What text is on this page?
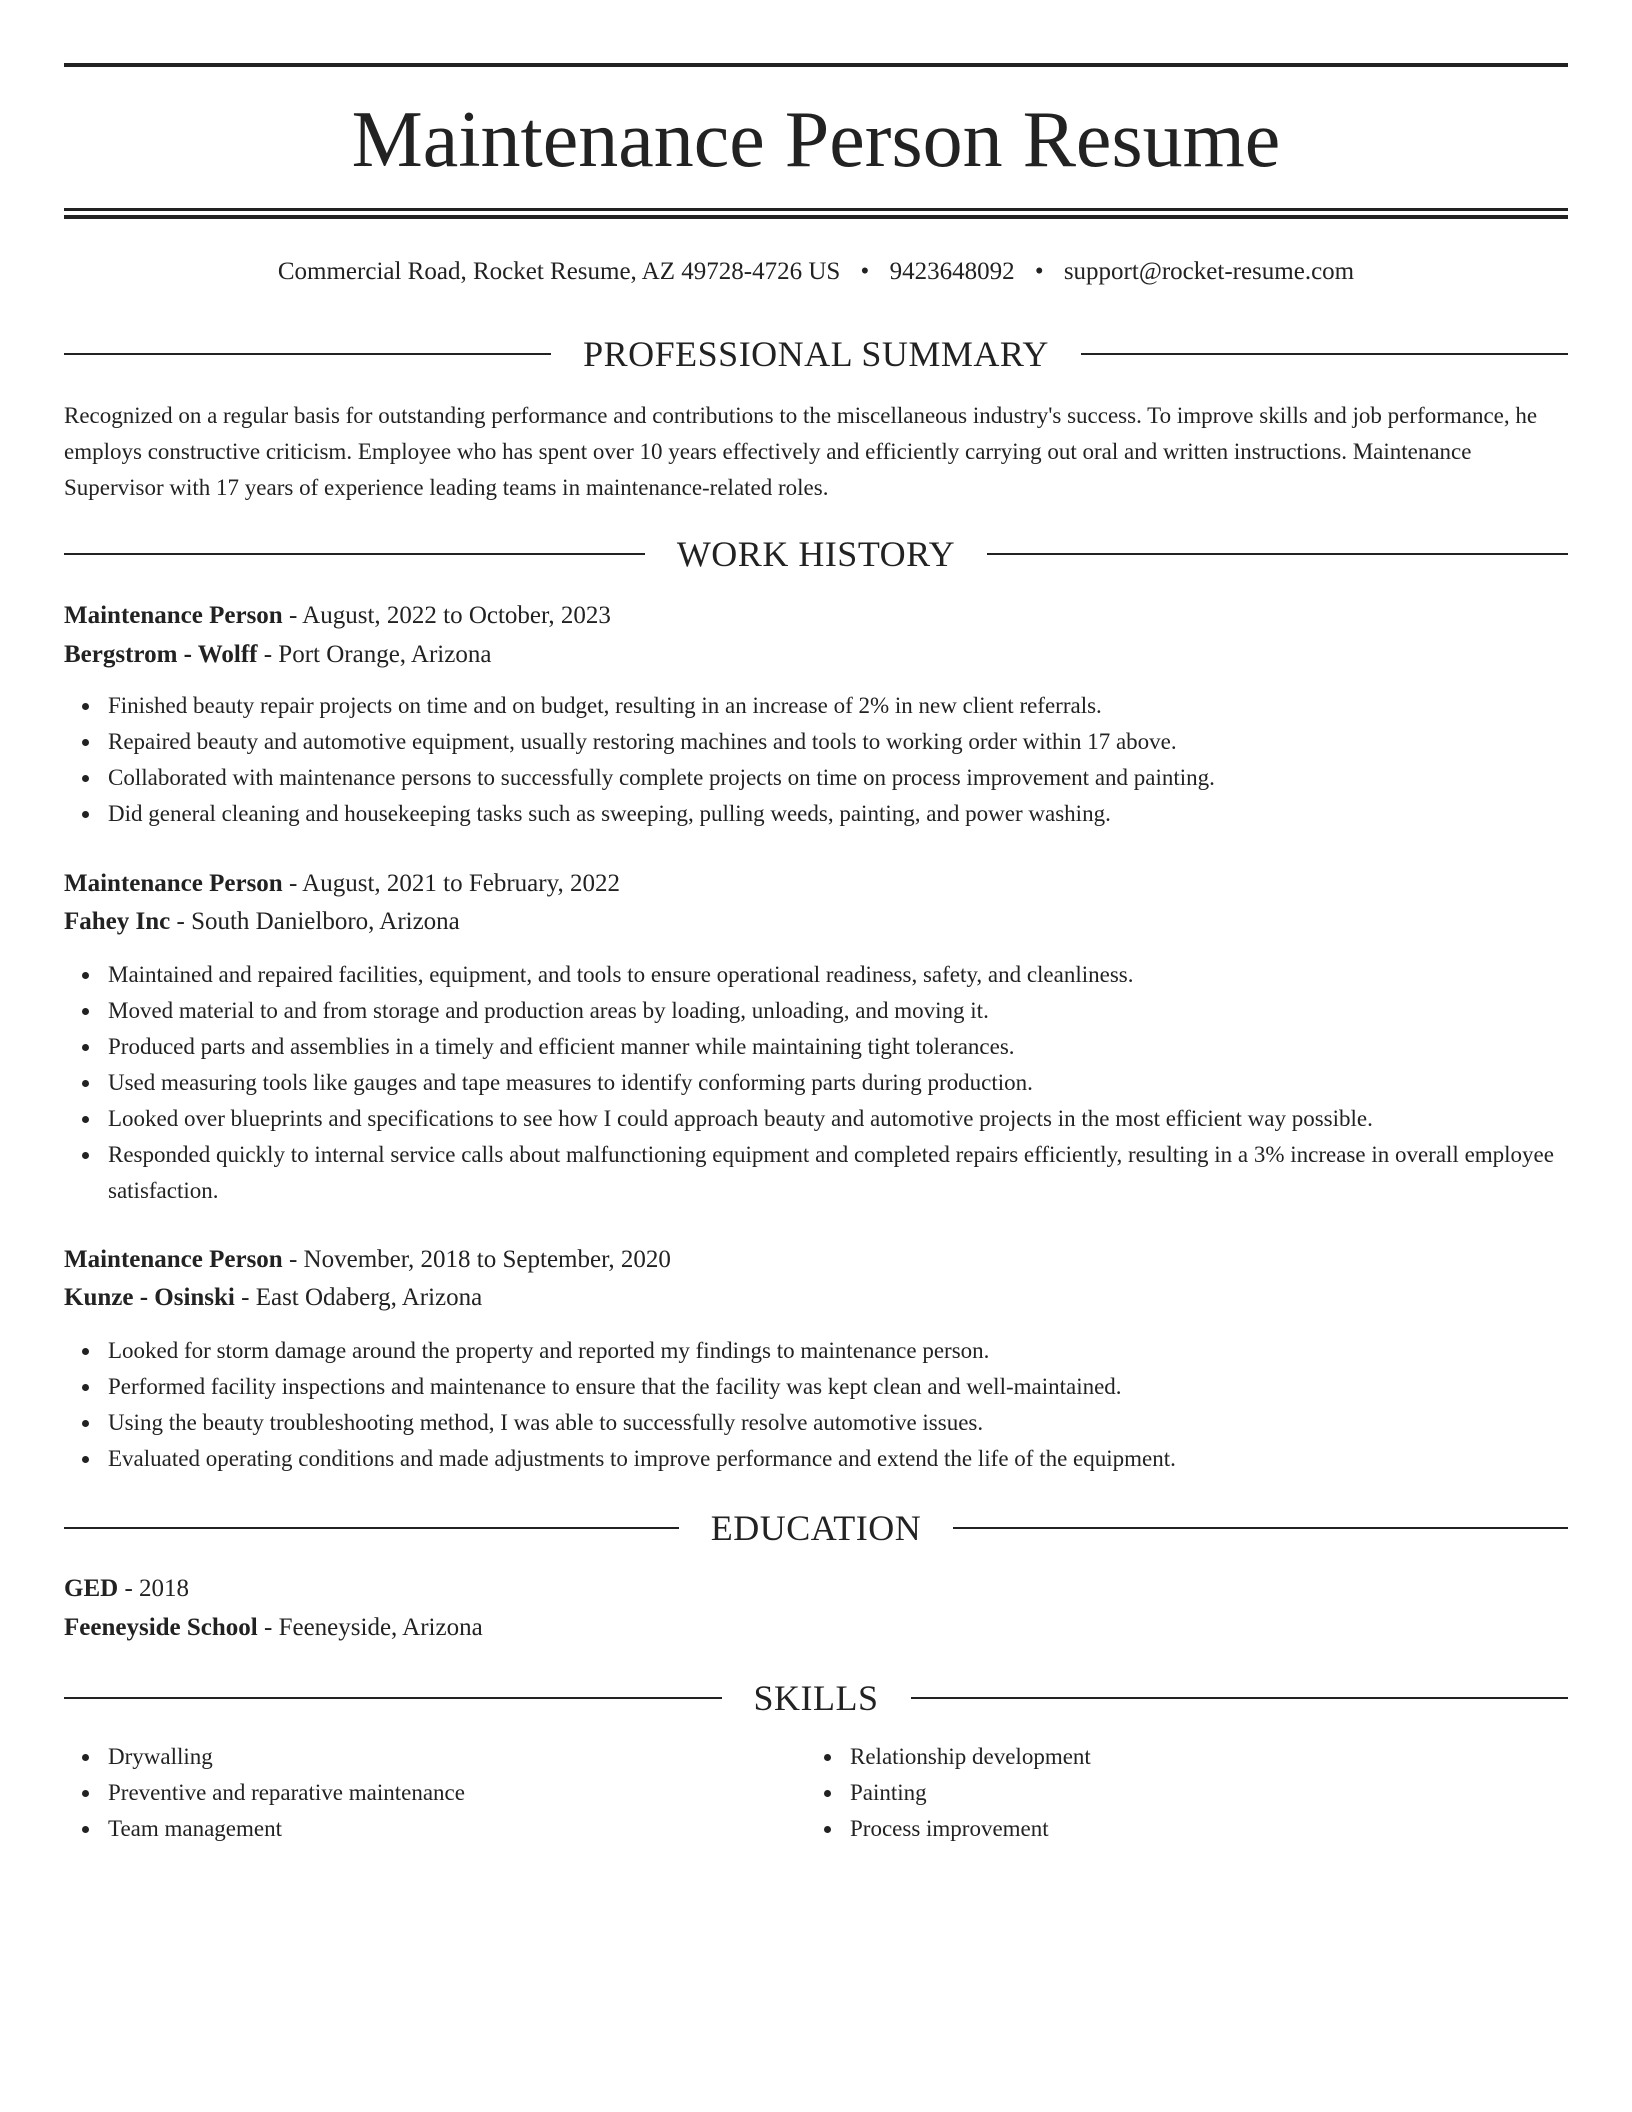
Maintenance Person Resume
Commercial Road, Rocket Resume, AZ 49728-4726 US • 9423648092 • support@rocket-resume.com
PROFESSIONAL SUMMARY

Recognized on a regular basis for outstanding performance and contributions to the miscellaneous industry's success. To improve skills and job performance, he employs constructive criticism. Employee who has spent over 10 years effectively and efficiently carrying out oral and written instructions. Maintenance Supervisor with 17 years of experience leading teams in maintenance-related roles.

WORK HISTORY
Maintenance Person - August, 2022 to October, 2023
Bergstrom - Wolff - Port Orange, Arizona
Finished beauty repair projects on time and on budget, resulting in an increase of 2% in new client referrals.
Repaired beauty and automotive equipment, usually restoring machines and tools to working order within 17 above.
Collaborated with maintenance persons to successfully complete projects on time on process improvement and painting.
Did general cleaning and housekeeping tasks such as sweeping, pulling weeds, painting, and power washing.
Maintenance Person - August, 2021 to February, 2022
Fahey Inc - South Danielboro, Arizona
Maintained and repaired facilities, equipment, and tools to ensure operational readiness, safety, and cleanliness.
Moved material to and from storage and production areas by loading, unloading, and moving it.
Produced parts and assemblies in a timely and efficient manner while maintaining tight tolerances.
Used measuring tools like gauges and tape measures to identify conforming parts during production.
Looked over blueprints and specifications to see how I could approach beauty and automotive projects in the most efficient way possible.
Responded quickly to internal service calls about malfunctioning equipment and completed repairs efficiently, resulting in a 3% increase in overall employee satisfaction.
Maintenance Person - November, 2018 to September, 2020
Kunze - Osinski - East Odaberg, Arizona
Looked for storm damage around the property and reported my findings to maintenance person.
Performed facility inspections and maintenance to ensure that the facility was kept clean and well-maintained.
Using the beauty troubleshooting method, I was able to successfully resolve automotive issues.
Evaluated operating conditions and made adjustments to improve performance and extend the life of the equipment.
EDUCATION
GED - 2018
Feeneyside School - Feeneyside, Arizona
SKILLS
Drywalling
Preventive and reparative maintenance
Team management
Relationship development
Painting
Process improvement
